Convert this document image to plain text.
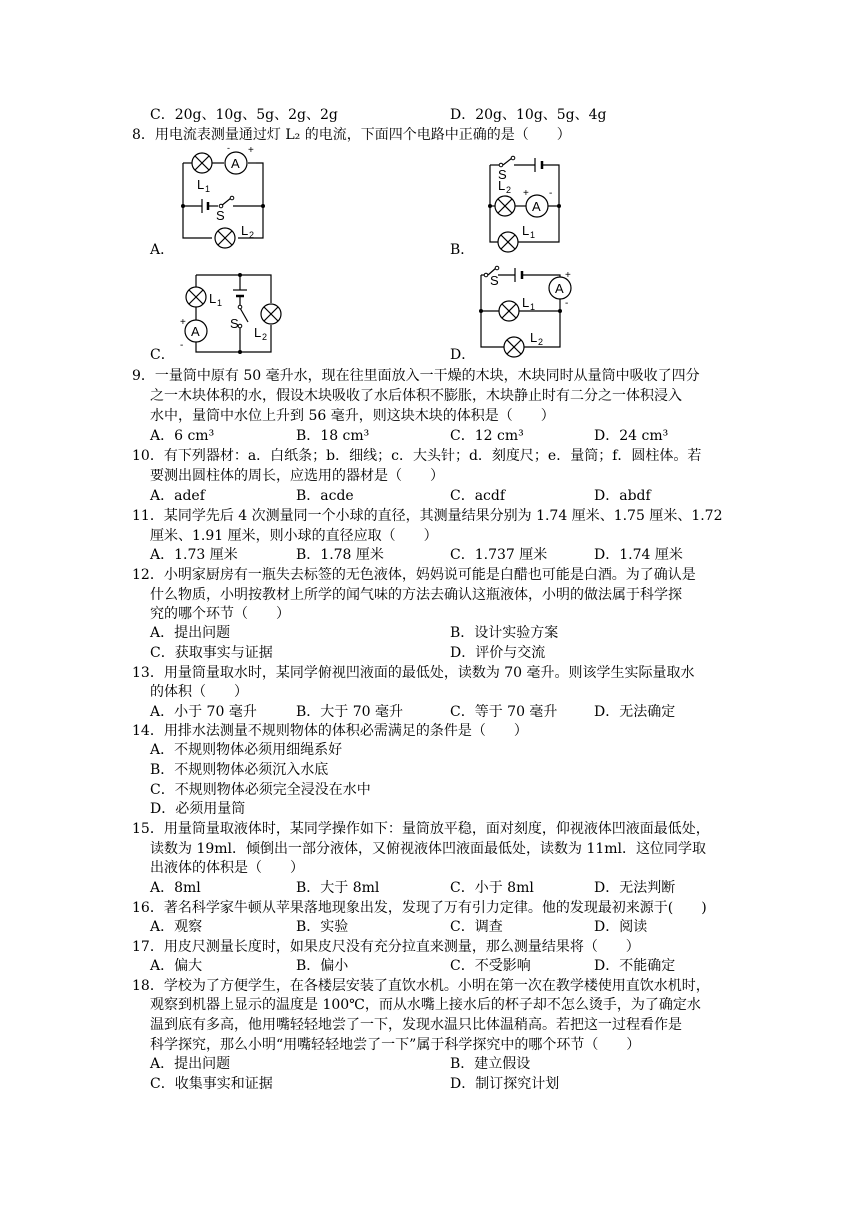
C．20g、10g、5g、2g、2g	D．20g、10g、5g、4g
8．用电流表测量通过灯 L₂ 的电流，下面四个电路中正确的是（　　）
A
- +
L 1
S
L 2
A．
S
L 2
A
+ -
L 1
B．
L 1
A
+
-
S
L 2
C．
S
A
+
-
L 1
L 2
D．
9．一量筒中原有 50 毫升水，现在往里面放入一干燥的木块，木块同时从量筒中吸收了四分
之一木块体积的水，假设木块吸收了水后体积不膨胀，木块静止时有二分之一体积浸入
水中，量筒中水位上升到 56 毫升，则这块木块的体积是（　　）
A．6 cm³	B．18 cm³	C．12 cm³	D．24 cm³
10．有下列器材：a．白纸条；b．细线；c．大头针；d．刻度尺；e．量筒；f．圆柱体。若
要测出圆柱体的周长，应选用的器材是（　　）
A．adef	B．acde	C．acdf	D．abdf
11．某同学先后 4 次测量同一个小球的直径，其测量结果分别为 1.74 厘米、1.75 厘米、1.72
厘米、1.91 厘米，则小球的直径应取（　　）
A．1.73 厘米	B．1.78 厘米	C．1.737 厘米	D．1.74 厘米
12．小明家厨房有一瓶失去标签的无色液体，妈妈说可能是白醋也可能是白酒。为了确认是
什么物质，小明按教材上所学的闻气味的方法去确认这瓶液体，小明的做法属于科学探
究的哪个环节（　　）
A．提出问题	B．设计实验方案
C．获取事实与证据	D．评价与交流
13．用量筒量取水时，某同学俯视凹液面的最低处，读数为 70 毫升。则该学生实际量取水
的体积（　　）
A．小于 70 毫升	B．大于 70 毫升	C．等于 70 毫升	D．无法确定
14．用排水法测量不规则物体的体积必需满足的条件是（　　）
A．不规则物体必须用细绳系好
B．不规则物体必须沉入水底
C．不规则物体必须完全浸没在水中
D．必须用量筒
15．用量筒量取液体时，某同学操作如下：量筒放平稳，面对刻度，仰视液体凹液面最低处，
读数为 19ml．倾倒出一部分液体，又俯视液体凹液面最低处，读数为 11ml．这位同学取
出液体的体积是（　　）
A．8ml	B．大于 8ml	C．小于 8ml	D．无法判断
16．著名科学家牛顿从苹果落地现象出发，发现了万有引力定律。他的发现最初来源于(　　)
A．观察	B．实验	C．调查	D．阅读
17．用皮尺测量长度时，如果皮尺没有充分拉直来测量，那么测量结果将（　　）
A．偏大	B．偏小	C．不受影响	D．不能确定
18．学校为了方便学生，在各楼层安装了直饮水机。小明在第一次在教学楼使用直饮水机时，
观察到机器上显示的温度是 100℃，而从水嘴上接水后的杯子却不怎么烫手，为了确定水
温到底有多高，他用嘴轻轻地尝了一下，发现水温只比体温稍高。若把这一过程看作是
科学探究，那么小明“用嘴轻轻地尝了一下”属于科学探究中的哪个环节（　　）
A．提出问题	B．建立假设
C．收集事实和证据	D．制订探究计划
